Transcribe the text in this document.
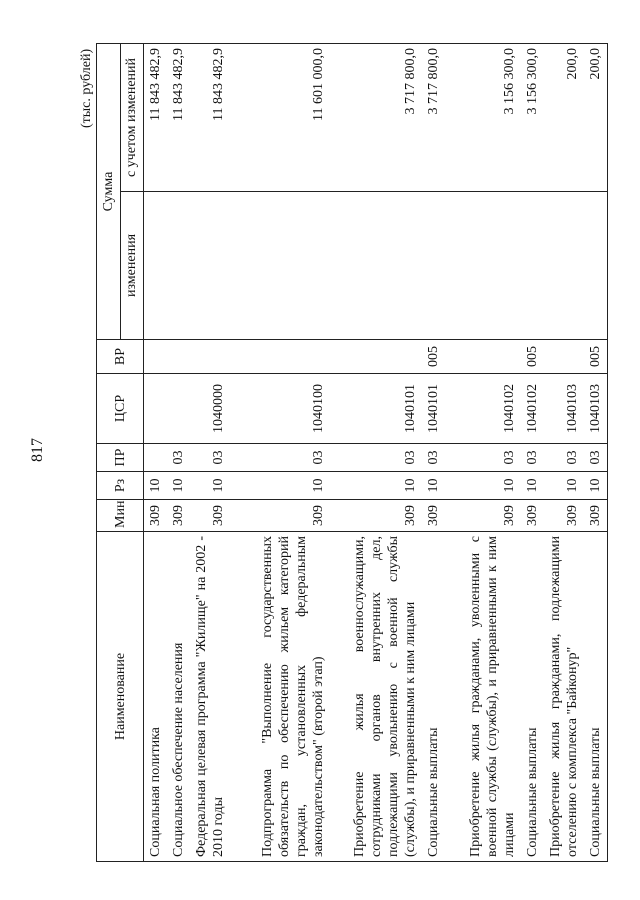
817
(тыс. рублей)
Наименование	Мин	Рз	ПР	ЦСР	ВР	Сумма	
						изменения	с учетом изменений
Социальная политика	309	10					11 843 482,9
Социальное обеспечение населения	309	10	03				11 843 482,9
Федеральная целевая программа "Жилище" на 2002 - 2010 годы	309	10	03	1040000			11 843 482,9
Подпрограмма "Выполнение государственных обязательств по обеспечению жильем категорий граждан, установленных федеральным законодательством" (второй этап)	309	10	03	1040100			11 601 000,0
Приобретение жилья военнослужащими, сотрудниками органов внутренних дел, подлежащими увольнению с военной службы (службы), и приравненными к ним лицами	309	10	03	1040101			3 717 800,0
Социальные выплаты	309	10	03	1040101	005		3 717 800,0
Приобретение жилья гражданами, уволенными с военной службы (службы), и приравненными к ним лицами	309	10	03	1040102			3 156 300,0
Социальные выплаты	309	10	03	1040102	005		3 156 300,0
Приобретение жилья гражданами, подлежащими отселению с комплекса "Байконур"	309	10	03	1040103			200,0
Социальные выплаты	309	10	03	1040103	005		200,0
